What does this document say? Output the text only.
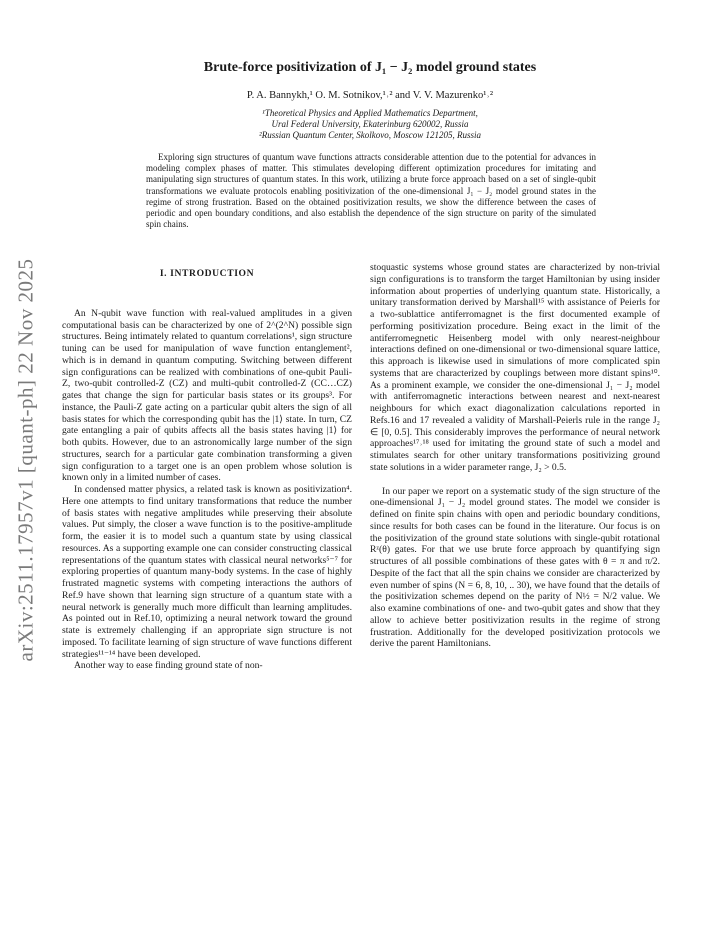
arXiv:2511.17957v1 [quant-ph] 22 Nov 2025
Brute-force positivization of J₁ − J₂ model ground states
P. A. Bannykh,¹ O. M. Sotnikov,¹˒² and V. V. Mazurenko¹˒²
¹Theoretical Physics and Applied Mathematics Department,
Ural Federal University, Ekaterinburg 620002, Russia
²Russian Quantum Center, Skolkovo, Moscow 121205, Russia

Exploring sign structures of quantum wave functions attracts considerable attention due to the potential for advances in modeling complex phases of matter. This stimulates developing different optimization procedures for imitating and manipulating sign structures of quantum states. In this work, utilizing a brute force approach based on a set of single-qubit transformations we evaluate protocols enabling positivization of the one-dimensional J₁ − J₂ model ground states in the regime of strong frustration. Based on the obtained positivization results, we show the difference between the cases of periodic and open boundary conditions, and also establish the dependence of the sign structure on parity of the simulated spin chains.

I. INTRODUCTION

An N-qubit wave function with real-valued amplitudes in a given computational basis can be characterized by one of 2^(2^N) possible sign structures. Being intimately related to quantum correlations¹, sign structure tuning can be used for manipulation of wave function entanglement², which is in demand in quantum computing. Switching between different sign configurations can be realized with combinations of one-qubit Pauli-Z, two-qubit controlled-Z (CZ) and multi-qubit controlled-Z (CC…CZ) gates that change the sign for particular basis states or its groups³. For instance, the Pauli-Z gate acting on a particular qubit alters the sign of all basis states for which the corresponding qubit has the |1⟩ state. In turn, CZ gate entangling a pair of qubits affects all the basis states having |1⟩ for both qubits. However, due to an astronomically large number of the sign structures, search for a particular gate combination transforming a given sign configuration to a target one is an open problem whose solution is known only in a limited number of cases.

In condensed matter physics, a related task is known as positivization⁴. Here one attempts to find unitary transformations that reduce the number of basis states with negative amplitudes while preserving their absolute values. Put simply, the closer a wave function is to the positive-amplitude form, the easier it is to model such a quantum state by using classical resources. As a supporting example one can consider constructing classical representations of the quantum states with classical neural networks⁵⁻⁷ for exploring properties of quantum many-body systems. In the case of highly frustrated magnetic systems with competing interactions the authors of Ref.9 have shown that learning sign structure of a quantum state with a neural network is generally much more difficult than learning amplitudes. As pointed out in Ref.10, optimizing a neural network toward the ground state is extremely challenging if an appropriate sign structure is not imposed. To facilitate learning of sign structure of wave functions different strategies¹¹⁻¹⁴ have been developed.

Another way to ease finding ground state of non-

stoquastic systems whose ground states are characterized by non-trivial sign configurations is to transform the target Hamiltonian by using insider information about properties of underlying quantum state. Historically, a unitary transformation derived by Marshall¹⁵ with assistance of Peierls for a two-sublattice antiferromagnet is the first documented example of performing positivization procedure. Being exact in the limit of the antiferromegnetic Heisenberg model with only nearest-neighbour interactions defined on one-dimensional or two-dimensional square lattice, this approach is likewise used in simulations of more complicated spin systems that are characterized by couplings between more distant spins¹⁰. As a prominent example, we consider the one-dimensional J₁ − J₂ model with antiferromagnetic interactions between nearest and next-nearest neighbours for which exact diagonalization calculations reported in Refs.16 and 17 revealed a validity of Marshall-Peierls rule in the range J₂ ∈ [0, 0.5]. This considerably improves the performance of neural network approaches¹⁷˒¹⁸ used for imitating the ground state of such a model and stimulates search for other unitary transformations positivizing ground state solutions in a wider parameter range, J₂ > 0.5.

In our paper we report on a systematic study of the sign structure of the one-dimensional J₁ − J₂ model ground states. The model we consider is defined on finite spin chains with open and periodic boundary conditions, since results for both cases can be found in the literature. Our focus is on the positivization of the ground state solutions with single-qubit rotational Rᶻ(θ) gates. For that we use brute force approach by quantifying sign structures of all possible combinations of these gates with θ = π and π/2. Despite of the fact that all the spin chains we consider are characterized by even number of spins (N = 6, 8, 10, .. 30), we have found that the details of the positivization schemes depend on the parity of N½ = N/2 value. We also examine combinations of one- and two-qubit gates and show that they allow to achieve better positivization results in the regime of strong frustration. Additionally for the developed positivization protocols we derive the parent Hamiltonians.
